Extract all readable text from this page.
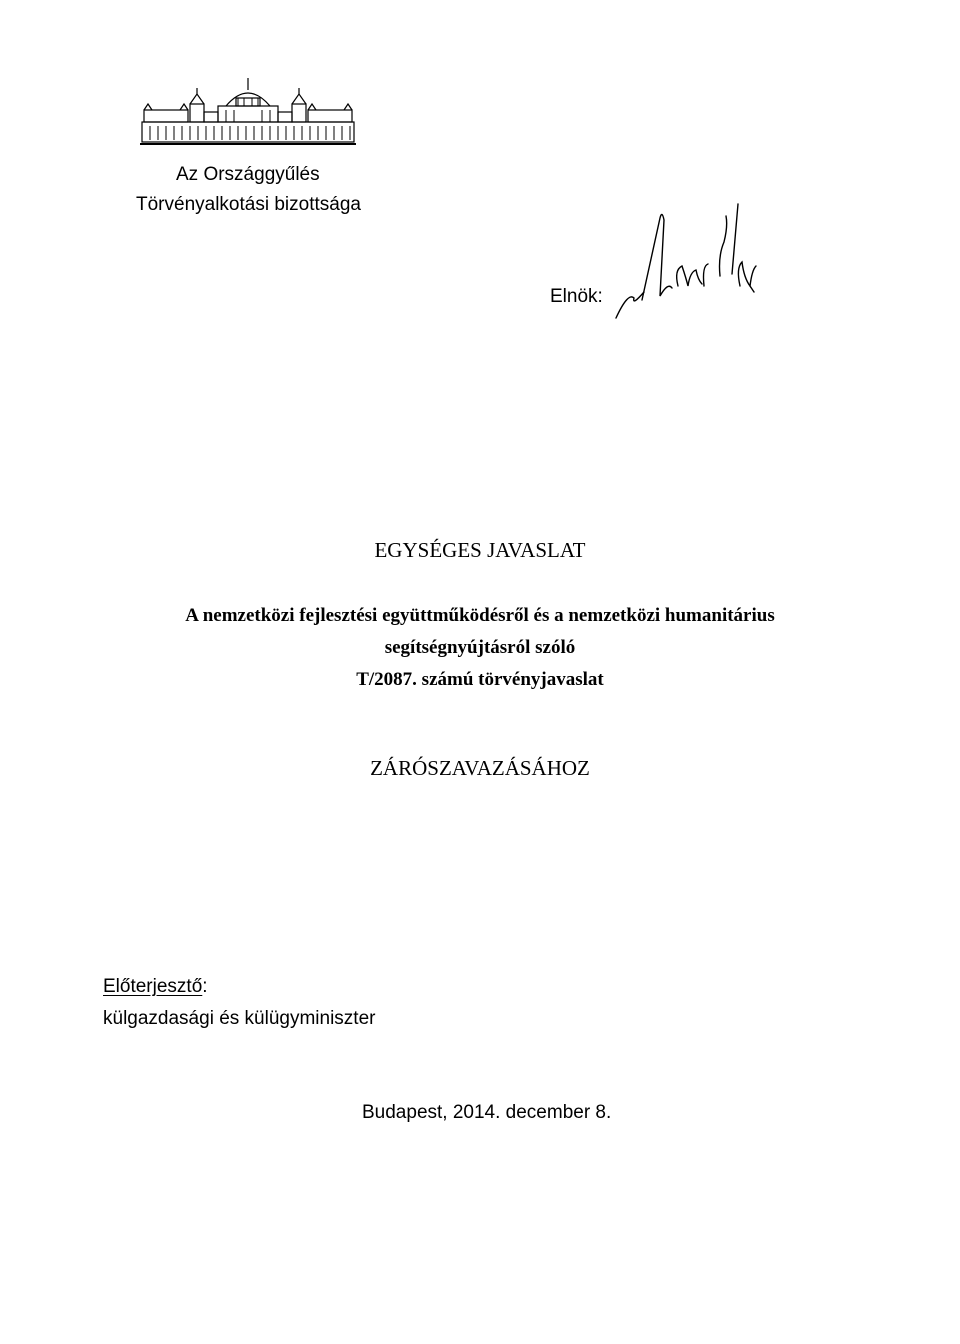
Az Országgyűlés
Törvényalkotási bizottsága
Elnök:
EGYSÉGES JAVASLAT
A nemzetközi fejlesztési együttműködésről és a nemzetközi humanitárius
segítségnyújtásról szóló
T/2087. számú törvényjavaslat
ZÁRÓSZAVAZÁSÁHOZ
Előterjesztő:
külgazdasági és külügyminiszter
Budapest, 2014. december 8.
